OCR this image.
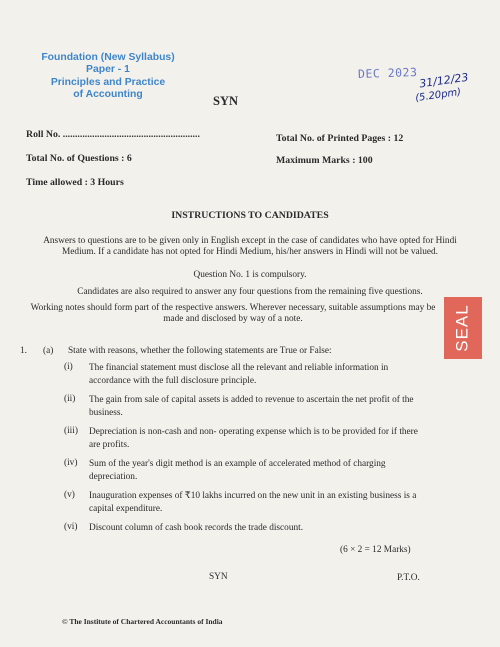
Foundation (New Syllabus)
Paper - 1
Principles and Practice
of Accounting
DEC 2023 31/12/23
(5.20pm)
SYN
Roll No. ........................................................	Total No. of Printed Pages : 12
Total No. of Questions : 6	Maximum Marks : 100
Time allowed : 3 Hours
INSTRUCTIONS TO CANDIDATES
Answers to questions are to be given only in English except in the case of candidates who have opted for Hindi Medium. If a candidate has not opted for Hindi Medium, his/her answers in Hindi will not be valued.
Question No. 1 is compulsory.
Candidates are also required to answer any four questions from the remaining five questions.
Working notes should form part of the respective answers. Wherever necessary, suitable assumptions may be made and disclosed by way of a note.	SEAL
1. (a) State with reasons, whether the following statements are True or False:
(i) The financial statement must disclose all the relevant and reliable information in accordance with the full disclosure principle.
(ii) The gain from sale of capital assets is added to revenue to ascertain the net profit of the business.
(iii) Depreciation is non-cash and non- operating expense which is to be provided for if there are profits.
(iv) Sum of the year's digit method is an example of accelerated method of charging depreciation.
(v) Inauguration expenses of ₹10 lakhs incurred on the new unit in an existing business is a capital expenditure.
(vi) Discount column of cash book records the trade discount.
(6 × 2 = 12 Marks)
SYN	P.T.O.
© The Institute of Chartered Accountants of India
